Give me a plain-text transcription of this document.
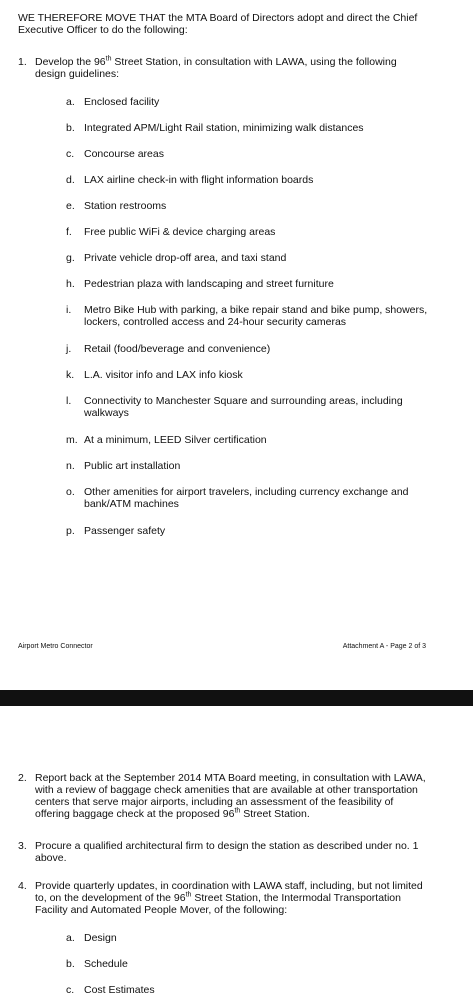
WE THEREFORE MOVE THAT the MTA Board of Directors adopt and direct the Chief
Executive Officer to do the following:
1. Develop the 96th Street Station, in consultation with LAWA, using the following
design guidelines:
a. Enclosed facility
b. Integrated APM/Light Rail station, minimizing walk distances
c. Concourse areas
d. LAX airline check-in with flight information boards
e. Station restrooms
f. Free public WiFi & device charging areas
g. Private vehicle drop-off area, and taxi stand
h. Pedestrian plaza with landscaping and street furniture
i. Metro Bike Hub with parking, a bike repair stand and bike pump, showers,
lockers, controlled access and 24-hour security cameras
j. Retail (food/beverage and convenience)
k. L.A. visitor info and LAX info kiosk
l. Connectivity to Manchester Square and surrounding areas, including
walkways
m. At a minimum, LEED Silver certification
n. Public art installation
o. Other amenities for airport travelers, including currency exchange and
bank/ATM machines
p. Passenger safety
Airport Metro Connector	Attachment A - Page 2 of 3
2. Report back at the September 2014 MTA Board meeting, in consultation with LAWA,
with a review of baggage check amenities that are available at other transportation
centers that serve major airports, including an assessment of the feasibility of
offering baggage check at the proposed 96th Street Station.
3. Procure a qualified architectural firm to design the station as described under no. 1
above.
4. Provide quarterly updates, in coordination with LAWA staff, including, but not limited
to, on the development of the 96th Street Station, the Intermodal Transportation
Facility and Automated People Mover, of the following:
a. Design
b. Schedule
c. Cost Estimates
